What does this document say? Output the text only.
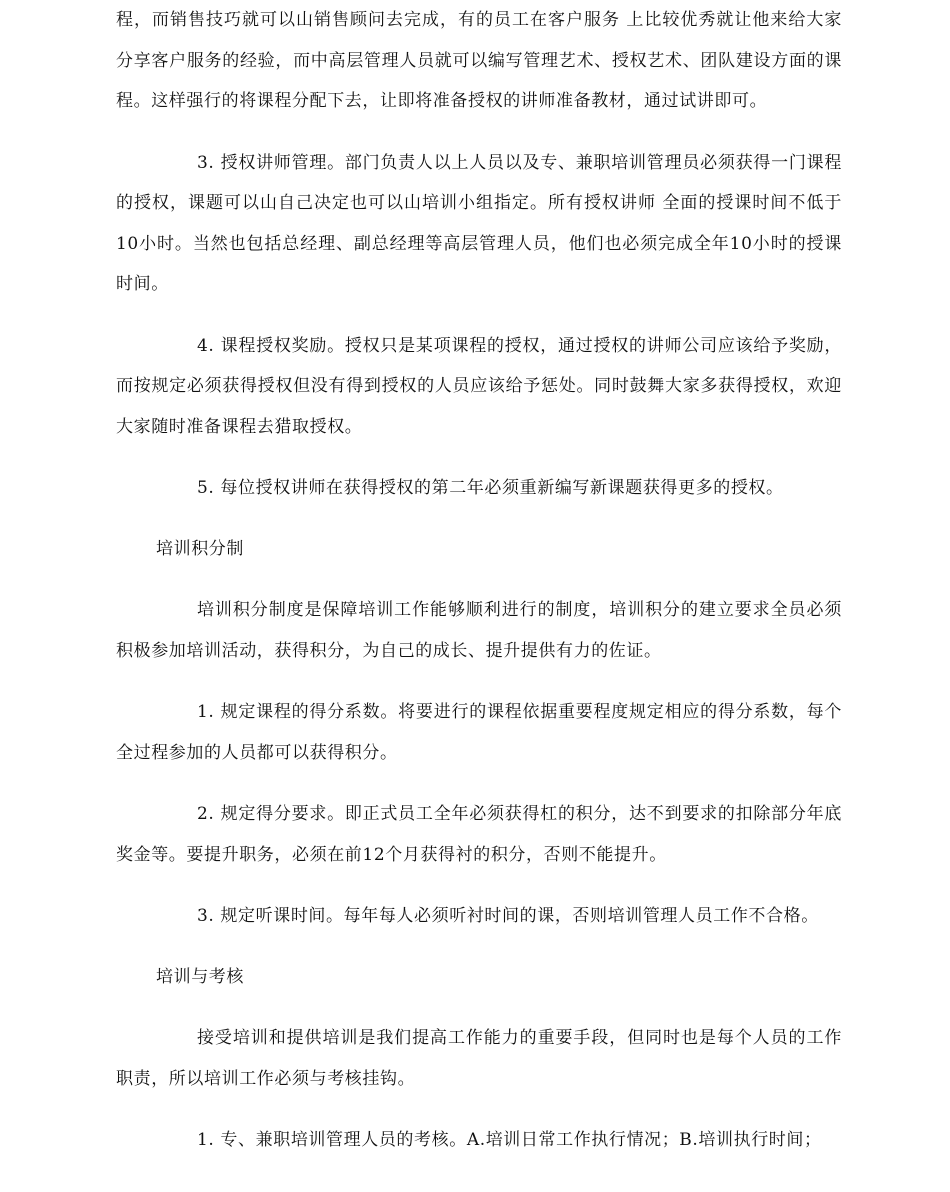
程，而销售技巧就可以山销售顾问去完成，有的员工在客户服务 上比较优秀就让他来给大家分享客户服务的经验，而中高层管理人员就可以编写管理艺术、授权艺术、团队建设方面的课程。这样强行的将课程分配下去，让即将准备授权的讲师准备教材，通过试讲即可。

3. 授权讲师管理。部门负责人以上人员以及专、兼职培训管理员必须获得一门课程的授权，课题可以山自己决定也可以山培训小组指定。所有授权讲师 全面的授课时间不低于10小时。当然也包括总经理、副总经理等高层管理人员，他们也必须完成全年10小时的授课时间。

4. 课程授权奖励。授权只是某项课程的授权，通过授权的讲师公司应该给予奖励，而按规定必须获得授权但没有得到授权的人员应该给予惩处。同时鼓舞大家多获得授权，欢迎大家随时准备课程去猎取授权。

5. 每位授权讲师在获得授权的第二年必须重新编写新课题获得更多的授权。

培训积分制

培训积分制度是保障培训工作能够顺利进行的制度，培训积分的建立要求全员必须积极参加培训活动，获得积分，为自己的成长、提升提供有力的佐证。

1. 规定课程的得分系数。将要进行的课程依据重要程度规定相应的得分系数，每个全过程参加的人员都可以获得积分。

2. 规定得分要求。即正式员工全年必须获得杠的积分，达不到要求的扣除部分年底奖金等。要提升职务，必须在前12个月获得衬的积分，否则不能提升。

3. 规定听课时间。每年每人必须听衬时间的课，否则培训管理人员工作不合格。

培训与考核

接受培训和提供培训是我们提高工作能力的重要手段，但同时也是每个人员的工作职责，所以培训工作必须与考核挂钩。

1. 专、兼职培训管理人员的考核。A.培训日常工作执行情况；B.培训执行时间；
